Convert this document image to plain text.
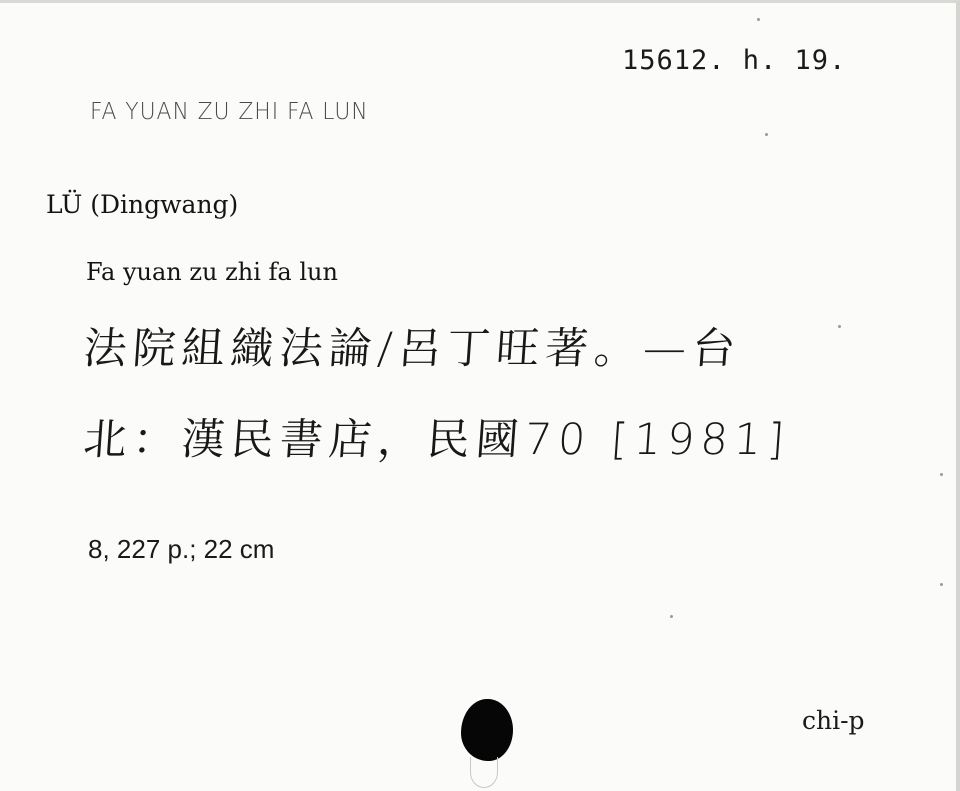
15612. h. 19.

FA YUAN ZU ZHI FA LUN

LÜ (Dingwang)

Fa yuan zu zhi fa lun

法院組織法論/呂丁旺著。—台

北：漢民書店，民國70 [1981]

8, 227 p.; 22 cm

chi-p
